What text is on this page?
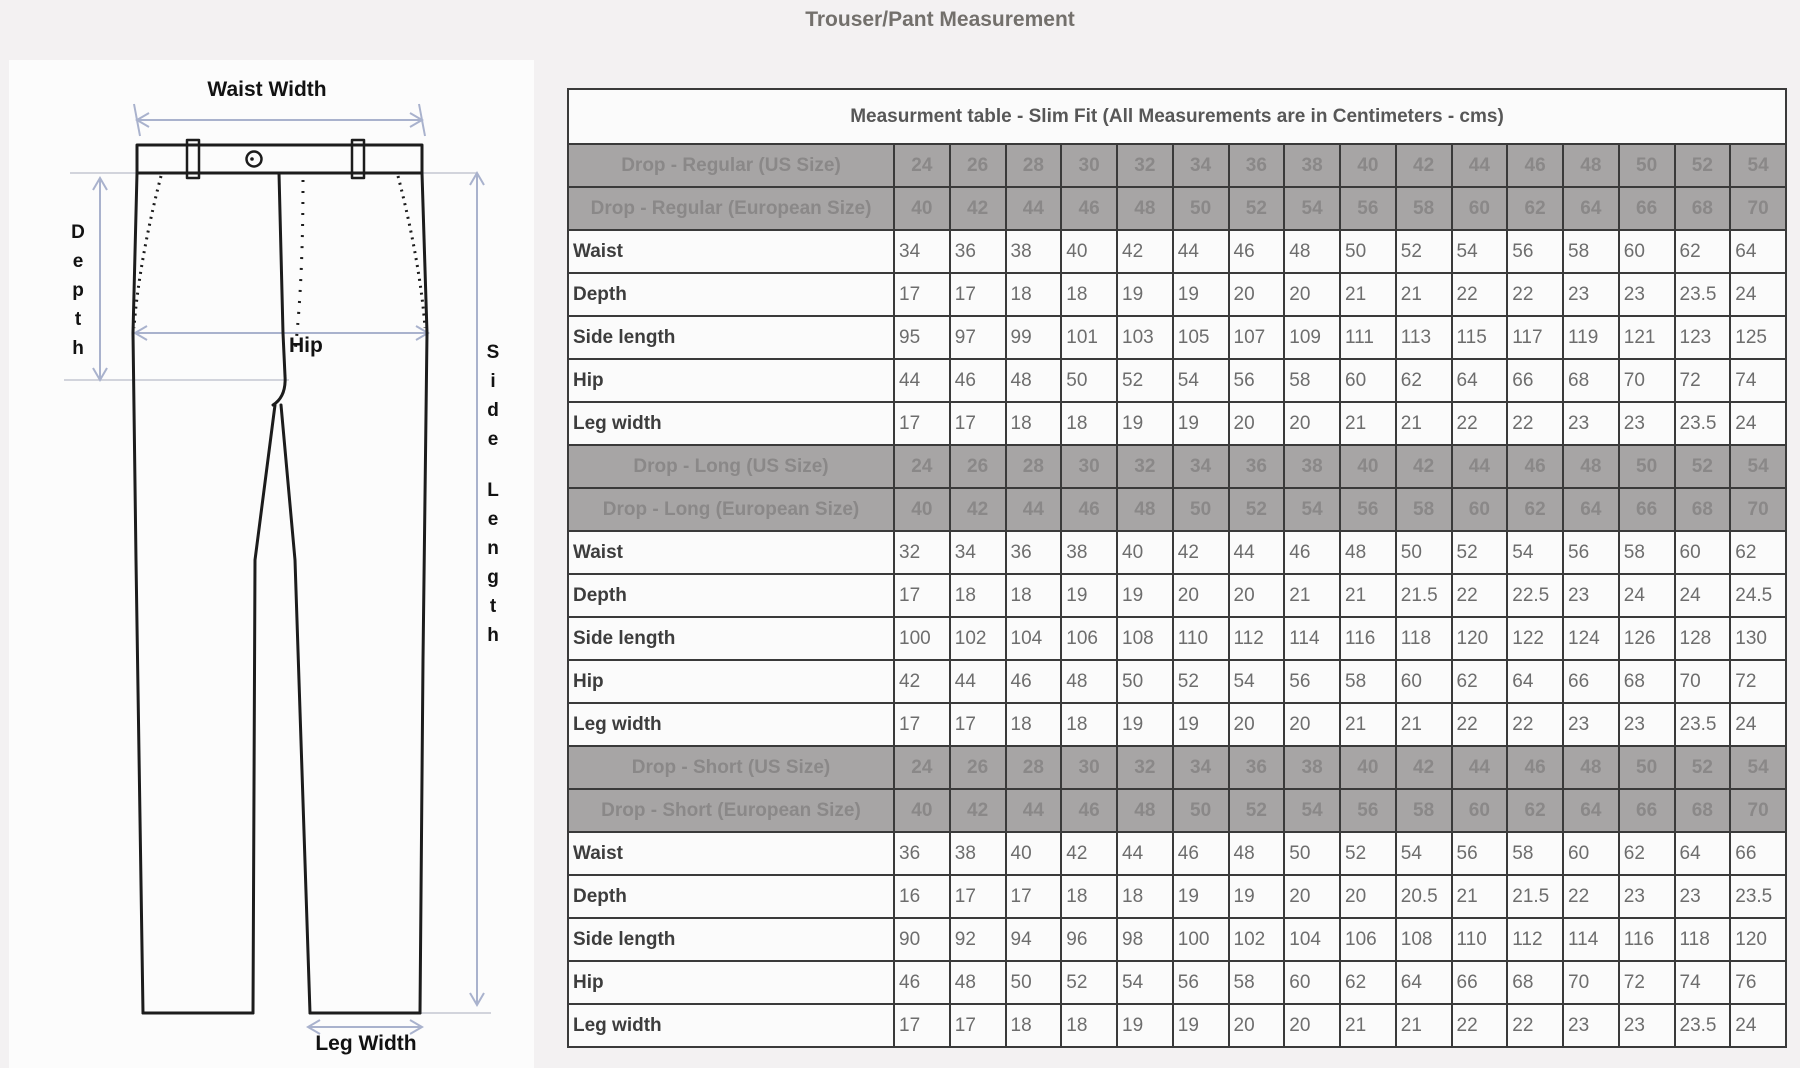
Trouser/Pant Measurement
Waist Width
D
e
p
t
h	Hip	S
i
d
e
L
e
n
g
t
h
Leg Width
Measurment table - Slim Fit (All Measurements are in Centimeters - cms)																
Drop - Regular (US Size)	24	26	28	30	32	34	36	38	40	42	44	46	48	50	52	54
Drop - Regular (European Size)	40	42	44	46	48	50	52	54	56	58	60	62	64	66	68	70
Waist	34	36	38	40	42	44	46	48	50	52	54	56	58	60	62	64
Depth	17	17	18	18	19	19	20	20	21	21	22	22	23	23	23.5	24
Side length	95	97	99	101	103	105	107	109	111	113	115	117	119	121	123	125
Hip	44	46	48	50	52	54	56	58	60	62	64	66	68	70	72	74
Leg width	17	17	18	18	19	19	20	20	21	21	22	22	23	23	23.5	24
Drop - Long (US Size)	24	26	28	30	32	34	36	38	40	42	44	46	48	50	52	54
Drop - Long (European Size)	40	42	44	46	48	50	52	54	56	58	60	62	64	66	68	70
Waist	32	34	36	38	40	42	44	46	48	50	52	54	56	58	60	62
Depth	17	18	18	19	19	20	20	21	21	21.5	22	22.5	23	24	24	24.5
Side length	100	102	104	106	108	110	112	114	116	118	120	122	124	126	128	130
Hip	42	44	46	48	50	52	54	56	58	60	62	64	66	68	70	72
Leg width	17	17	18	18	19	19	20	20	21	21	22	22	23	23	23.5	24
Drop - Short (US Size)	24	26	28	30	32	34	36	38	40	42	44	46	48	50	52	54
Drop - Short (European Size)	40	42	44	46	48	50	52	54	56	58	60	62	64	66	68	70
Waist	36	38	40	42	44	46	48	50	52	54	56	58	60	62	64	66
Depth	16	17	17	18	18	19	19	20	20	20.5	21	21.5	22	23	23	23.5
Side length	90	92	94	96	98	100	102	104	106	108	110	112	114	116	118	120
Hip	46	48	50	52	54	56	58	60	62	64	66	68	70	72	74	76
Leg width	17	17	18	18	19	19	20	20	21	21	22	22	23	23	23.5	24
